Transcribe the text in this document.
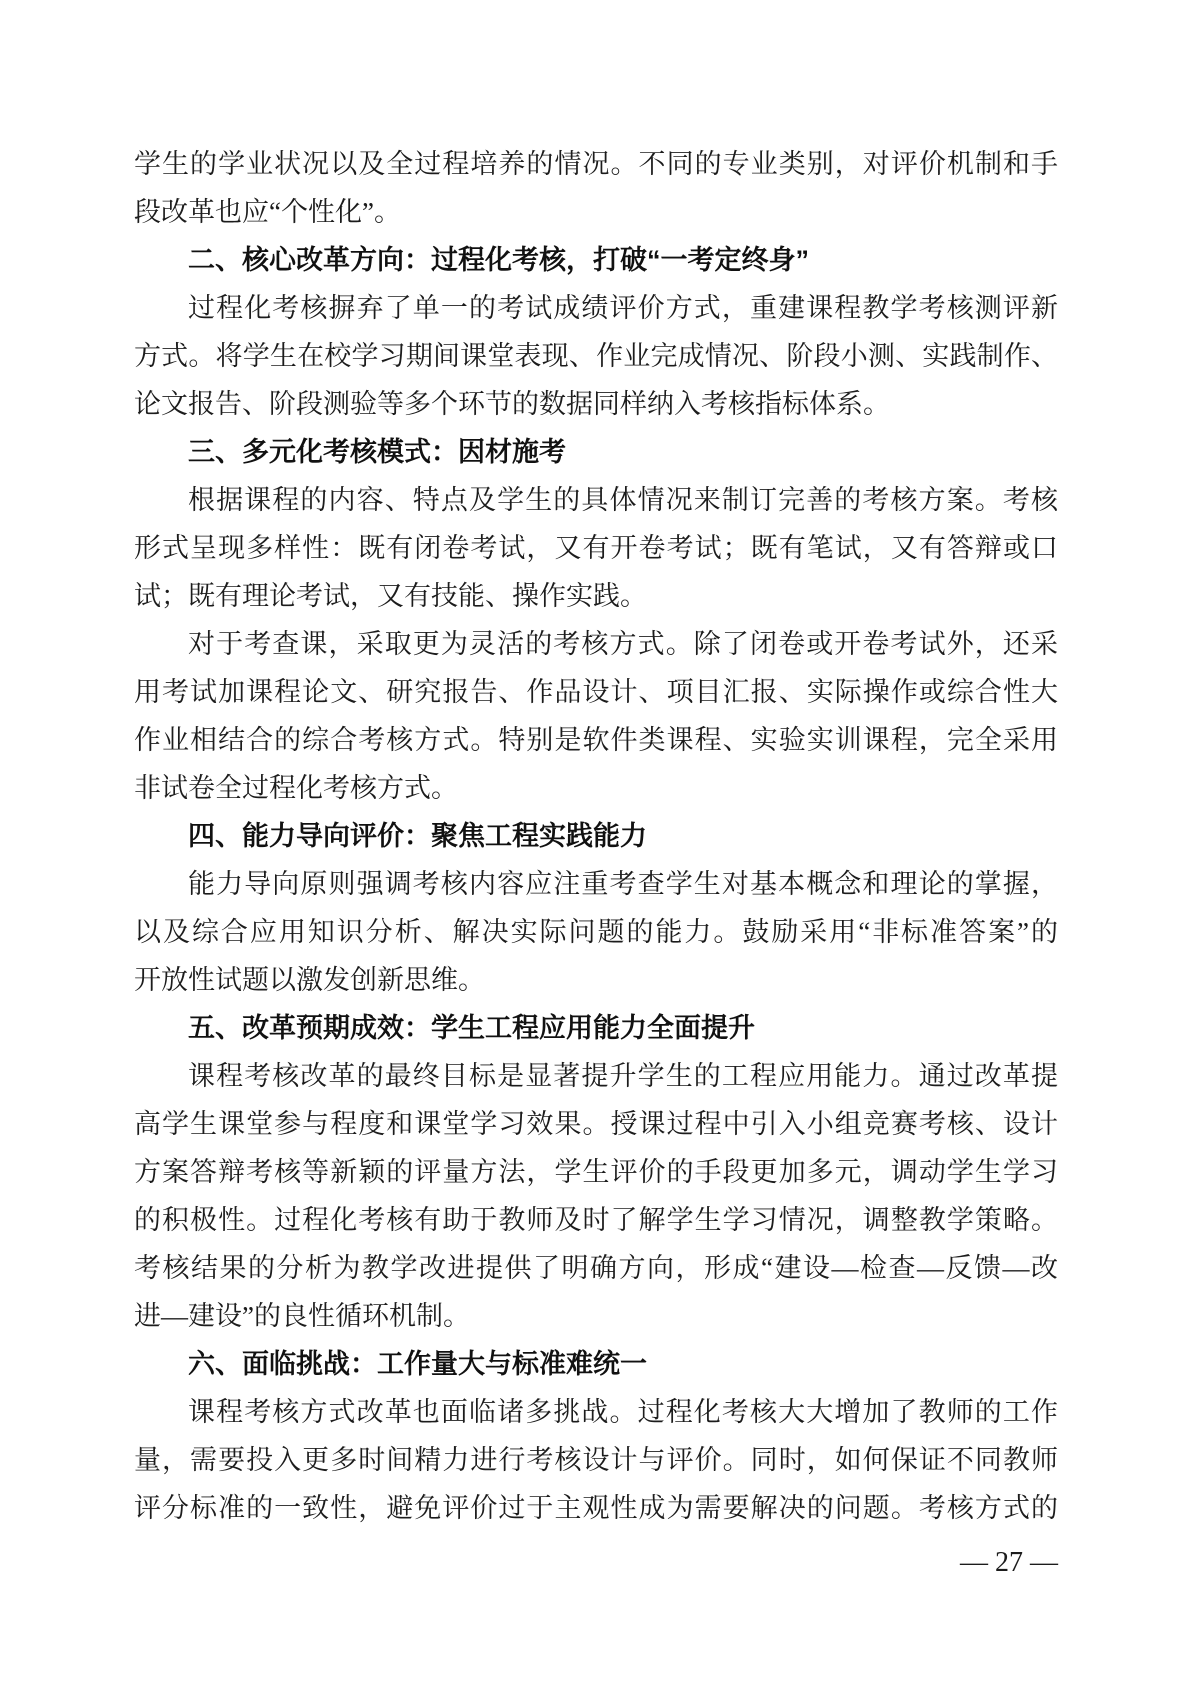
学生的学业状况以及全过程培养的情况。不同的专业类别，对评价机制和手
段改革也应“个性化”。
二、核心改革方向：过程化考核，打破“一考定终身”
过程化考核摒弃了单一的考试成绩评价方式，重建课程教学考核测评新
方式。将学生在校学习期间课堂表现、作业完成情况、阶段小测、实践制作、
论文报告、阶段测验等多个环节的数据同样纳入考核指标体系。
三、多元化考核模式：因材施考
根据课程的内容、特点及学生的具体情况来制订完善的考核方案。考核
形式呈现多样性：既有闭卷考试，又有开卷考试；既有笔试，又有答辩或口
试；既有理论考试，又有技能、操作实践。
对于考查课，采取更为灵活的考核方式。除了闭卷或开卷考试外，还采
用考试加课程论文、研究报告、作品设计、项目汇报、实际操作或综合性大
作业相结合的综合考核方式。特别是软件类课程、实验实训课程，完全采用
非试卷全过程化考核方式。
四、能力导向评价：聚焦工程实践能力
能力导向原则强调考核内容应注重考查学生对基本概念和理论的掌握，
以及综合应用知识分析、解决实际问题的能力。鼓励采用“非标准答案”的
开放性试题以激发创新思维。
五、改革预期成效：学生工程应用能力全面提升
课程考核改革的最终目标是显著提升学生的工程应用能力。通过改革提
高学生课堂参与程度和课堂学习效果。授课过程中引入小组竞赛考核、设计
方案答辩考核等新颖的评量方法，学生评价的手段更加多元，调动学生学习
的积极性。过程化考核有助于教师及时了解学生学习情况，调整教学策略。
考核结果的分析为教学改进提供了明确方向，形成“建设—检查—反馈—改
进—建设”的良性循环机制。
六、面临挑战：工作量大与标准难统一
课程考核方式改革也面临诸多挑战。过程化考核大大增加了教师的工作
量，需要投入更多时间精力进行考核设计与评价。同时，如何保证不同教师
评分标准的一致性，避免评价过于主观性成为需要解决的问题。考核方式的
— 27 —
